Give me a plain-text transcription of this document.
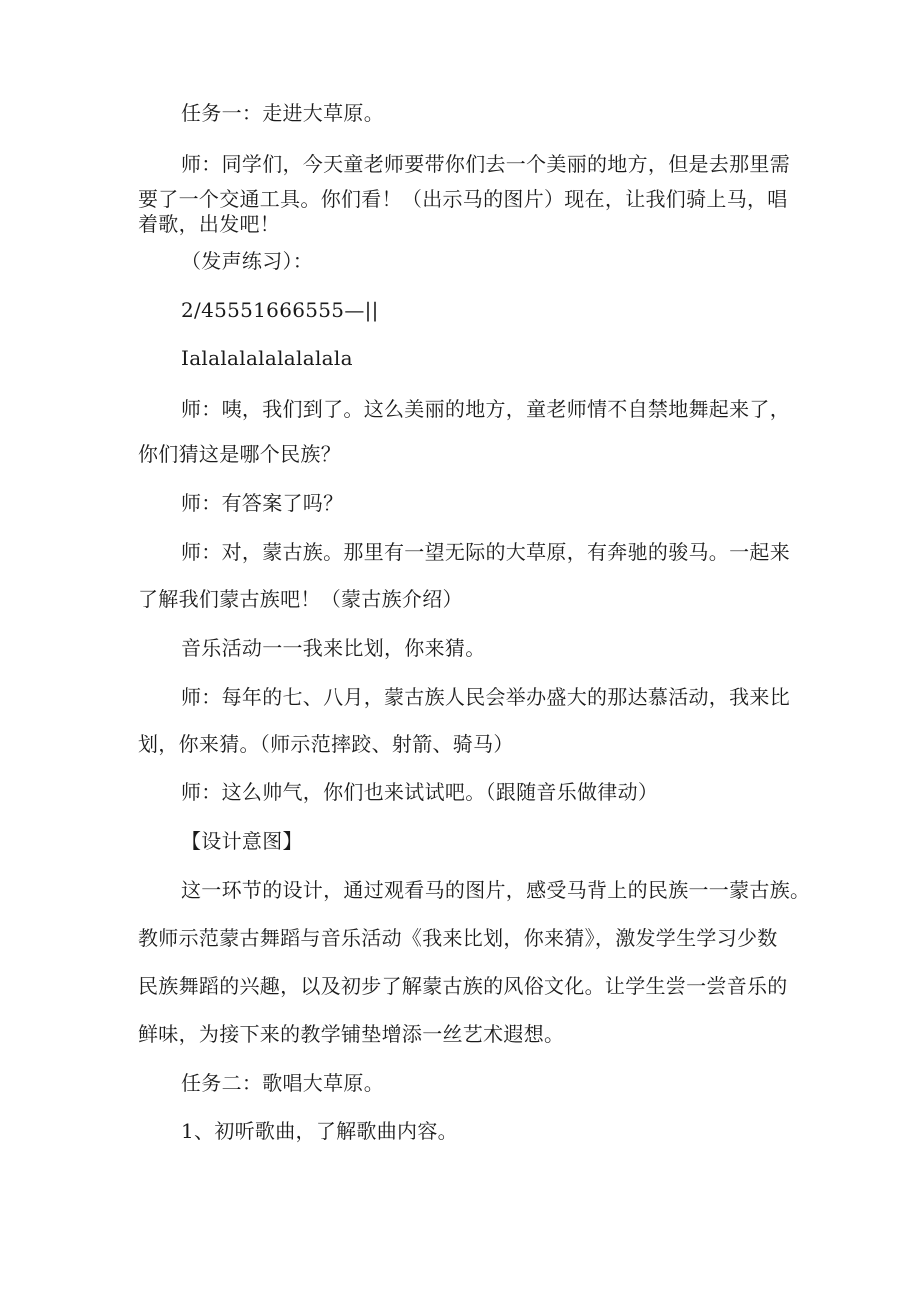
任务一：走进大草原。
师：同学们，今天童老师要带你们去一个美丽的地方，但是去那里需
要了一个交通工具。你们看！（出示马的图片）现在，让我们骑上马，唱
着歌，出发吧！
（发声练习）：
2/45551666555—||
Ialalalalalalalala
师：咦，我们到了。这么美丽的地方，童老师情不自禁地舞起来了，
你们猜这是哪个民族？
师：有答案了吗？
师：对，蒙古族。那里有一望无际的大草原，有奔驰的骏马。一起来
了解我们蒙古族吧！（蒙古族介绍）
音乐活动一一我来比划，你来猜。
师：每年的七、八月，蒙古族人民会举办盛大的那达慕活动，我来比
划，你来猜。（师示范摔跤、射箭、骑马）
师：这么帅气，你们也来试试吧。（跟随音乐做律动）
【设计意图】
这一环节的设计，通过观看马的图片，感受马背上的民族一一蒙古族。
教师示范蒙古舞蹈与音乐活动《我来比划，你来猜》，激发学生学习少数
民族舞蹈的兴趣，以及初步了解蒙古族的风俗文化。让学生尝一尝音乐的
鲜味，为接下来的教学铺垫增添一丝艺术遐想。
任务二：歌唱大草原。
1、初听歌曲，了解歌曲内容。
